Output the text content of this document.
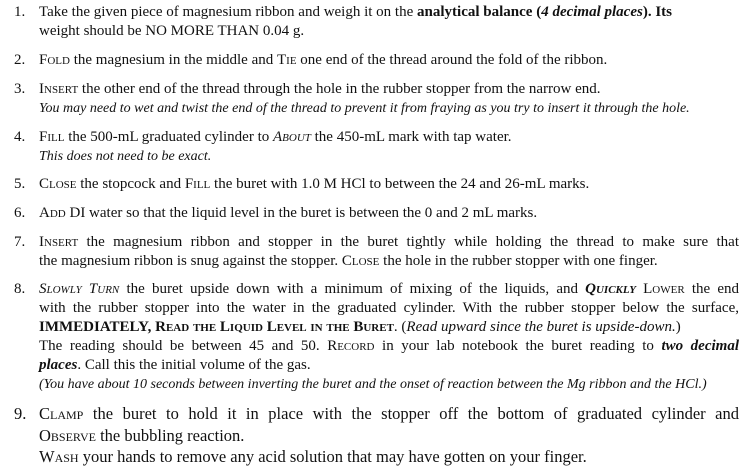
1. Take the given piece of magnesium ribbon and weigh it on the analytical balance (4 decimal places). Its
weight should be NO MORE THAN 0.04 g.
2. Fold the magnesium in the middle and Tie one end of the thread around the fold of the ribbon.
3. Insert the other end of the thread through the hole in the rubber stopper from the narrow end.
You may need to wet and twist the end of the thread to prevent it from fraying as you try to insert it through the hole.
4. Fill the 500-mL graduated cylinder to About the 450-mL mark with tap water.
This does not need to be exact.
5. Close the stopcock and Fill the buret with 1.0 M HCl to between the 24 and 26-mL marks.
6. Add DI water so that the liquid level in the buret is between the 0 and 2 mL marks.
7. Insert the magnesium ribbon and stopper in the buret tightly while holding the thread to make sure that
the magnesium ribbon is snug against the stopper. Close the hole in the rubber stopper with one finger.
8. Slowly Turn the buret upside down with a minimum of mixing of the liquids, and Quickly Lower the end
with the rubber stopper into the water in the graduated cylinder. With the rubber stopper below the surface,
IMMEDIATELY, Read the Liquid Level in the Buret. (Read upward since the buret is upside-down.)
The reading should be between 45 and 50. Record in your lab notebook the buret reading to two decimal
places. Call this the initial volume of the gas.
(You have about 10 seconds between inverting the buret and the onset of reaction between the Mg ribbon and the HCl.)
9. Clamp the buret to hold it in place with the stopper off the bottom of graduated cylinder and
Observe the bubbling reaction.
Wash your hands to remove any acid solution that may have gotten on your finger.
